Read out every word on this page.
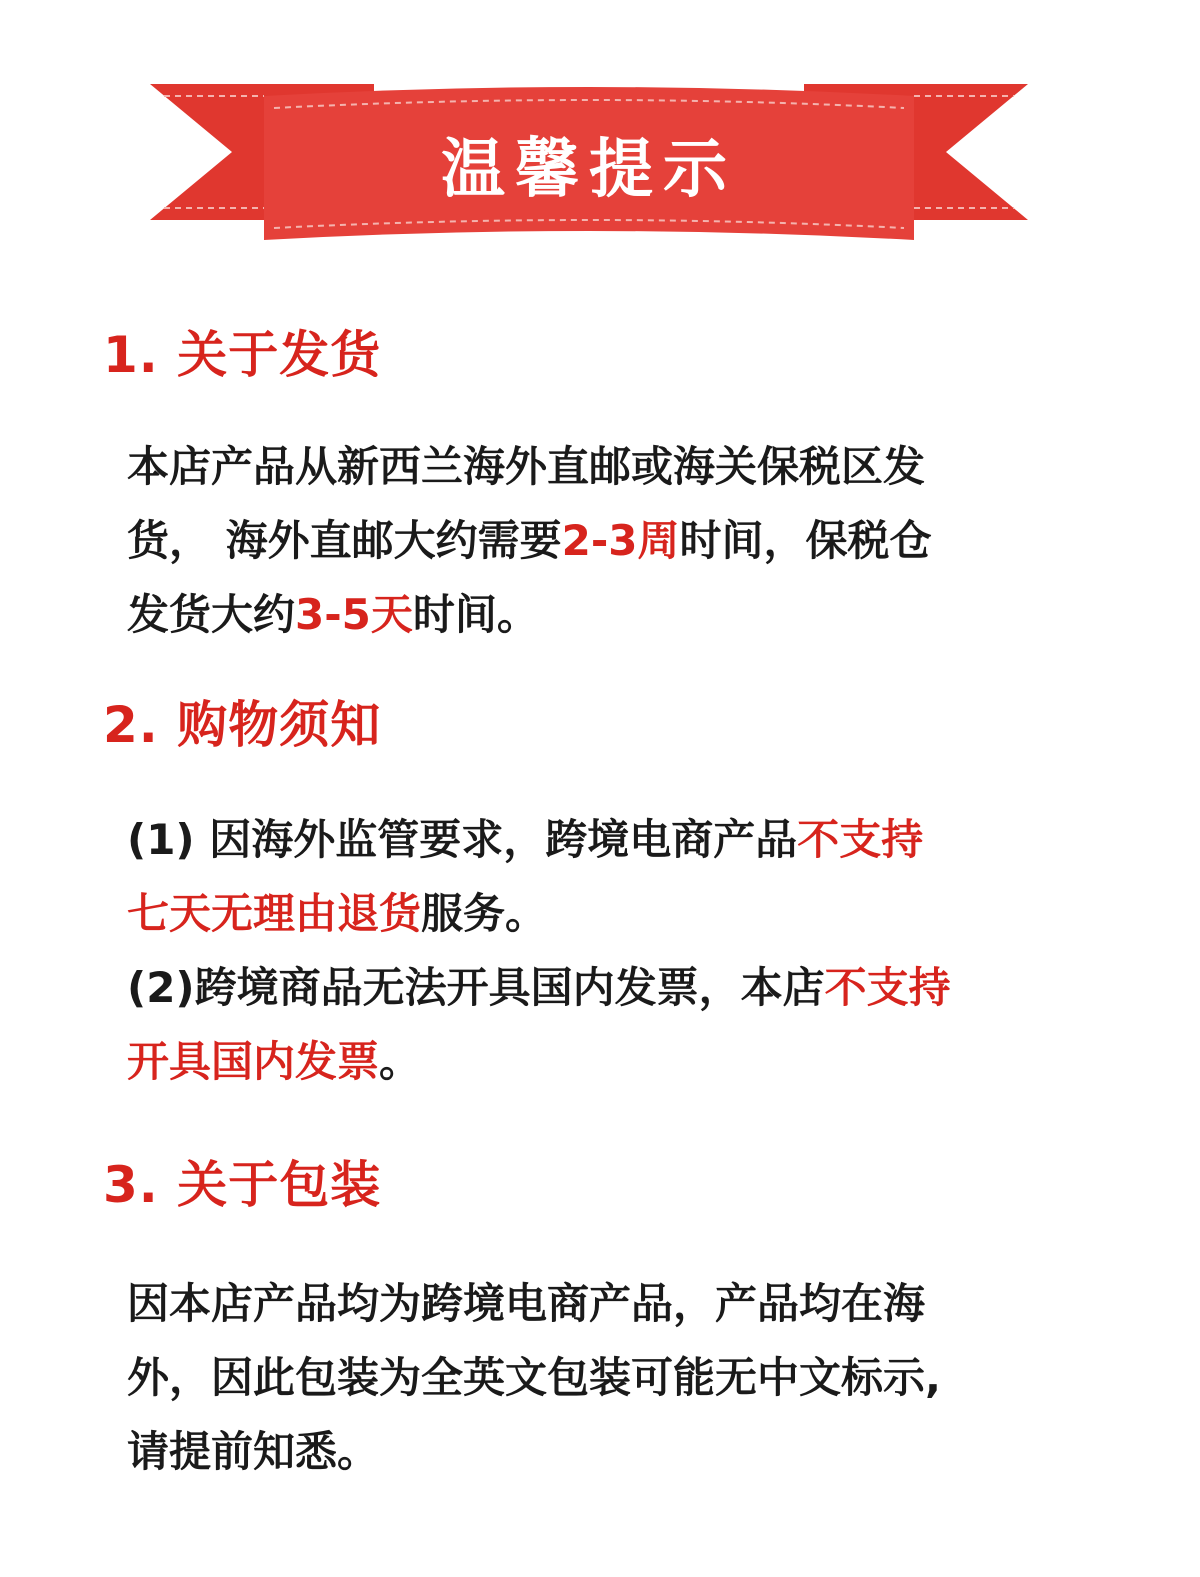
温馨提示
1. 关于发货
本店产品从新西兰海外直邮或海关保税区发
货， 海外直邮大约需要2-3周时间，保税仓
发货大约3-5天时间。
2. 购物须知
(1) 因海外监管要求，跨境电商产品不支持
七天无理由退货服务。
(2)跨境商品无法开具国内发票，本店不支持
开具国内发票。
3. 关于包装
因本店产品均为跨境电商产品，产品均在海
外，因此包装为全英文包装可能无中文标示,
请提前知悉。
